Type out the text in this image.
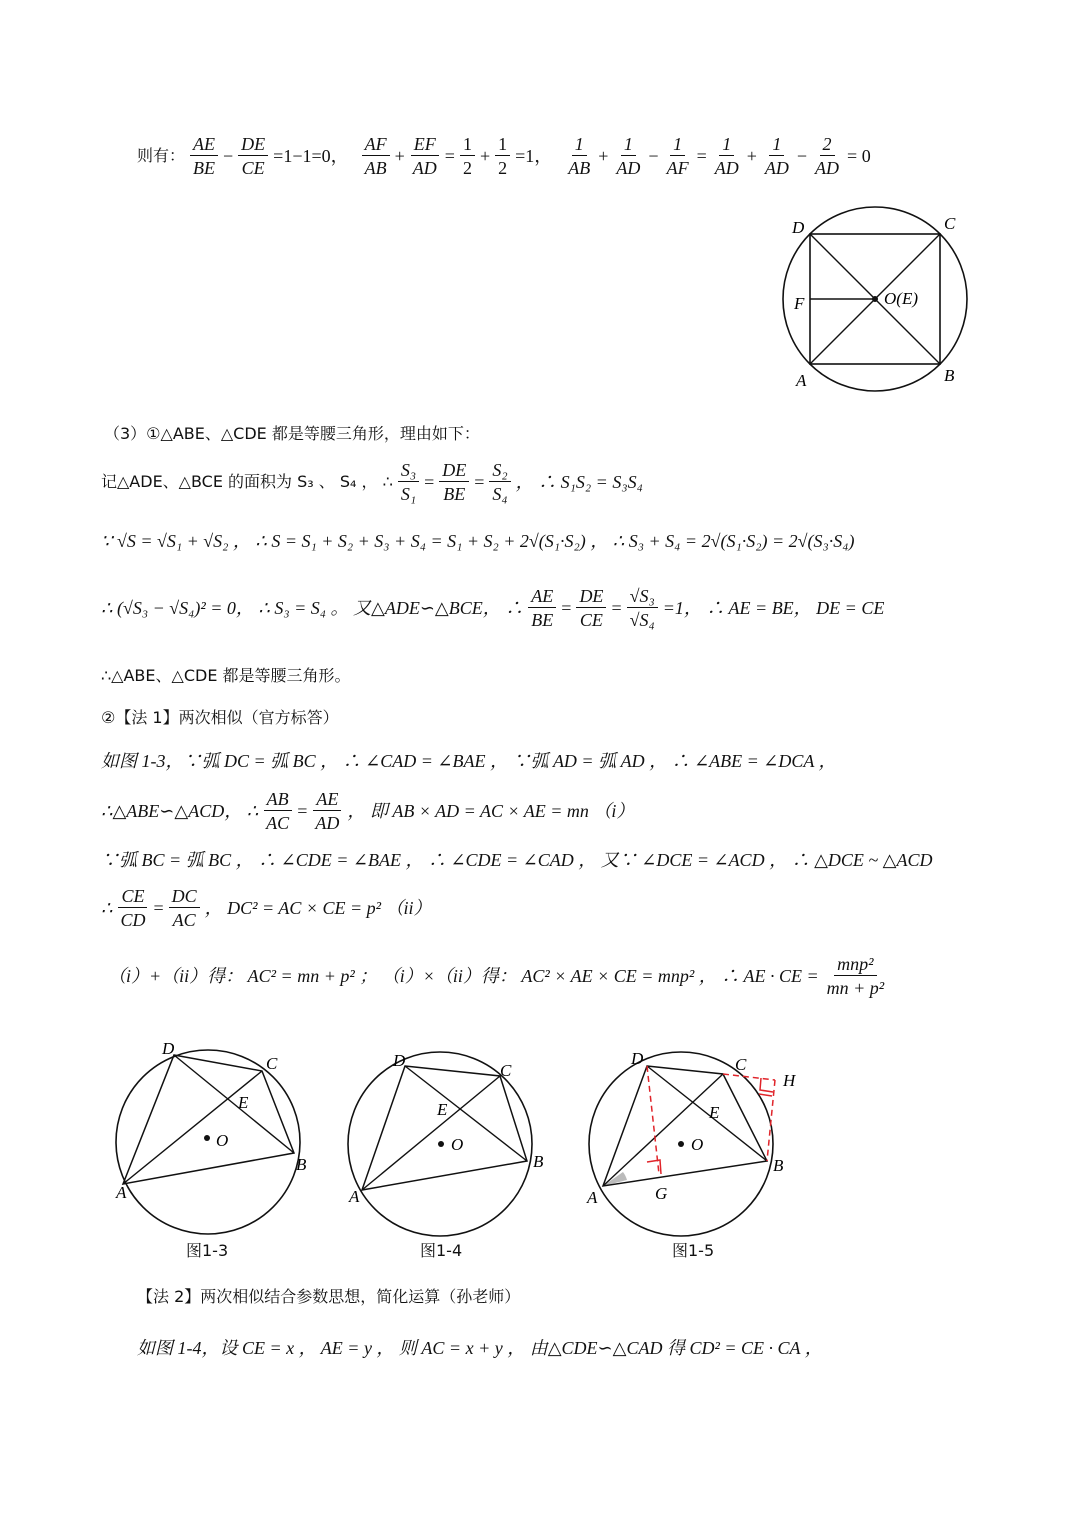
则有： $\frac{AE}{BE} - \frac{DE}{CE} =1-1=0$， $\frac{AF}{AB} + \frac{EF}{AD} = \frac{1}{2} + \frac{1}{2} =1$， $\frac{1}{AB} + \frac{1}{AD} - \frac{1}{AF} = \frac{1}{AD} + \frac{1}{AD} - \frac{2}{AD} = 0$
D	C
F	O(E)
A	B
（3）①△ABE、△CDE 都是等腰三角形，理由如下：
记△ADE、△BCE 的面积为 S₃ 、 S₄ ， ∴ $\frac{\text{S₃}}{\text{S₁}} = \frac{DE}{BE} = \frac{\text{S₂}}{\text{S₄}}$ ， ∴ S₁S₂ = S₃S₄
∵ √S = √S₁ + √S₂ ， ∴ S = S₁ + S₂ + S₃ + S₄ = S₁ + S₂ + 2√(S₁·S₂) ， ∴ S₃ + S₄ = 2√(S₁·S₂) = 2√(S₃·S₄)
∴ (√S₃ − √S₄)² = 0， ∴ S₃ = S₄ 。 又△ADE∽△BCE， ∴ $\frac{AE}{BE} = \frac{DE}{CE} = \frac{\text{√S₃}}{\text{√S₄}} =1$， ∴ AE = BE， DE = CE
∴△ABE、△CDE 都是等腰三角形。
②【法 1】两次相似（官方标答）
如图 1-3，∵弧 DC = 弧 BC ， ∴ ∠CAD = ∠BAE ， ∵弧 AD = 弧 AD ， ∴ ∠ABE = ∠DCA ，
∴△ABE∽△ACD， ∴ $\frac{AB}{AC} = \frac{AE}{AD}$ ， 即 AB × AD = AC × AE = mn （i）
∵弧 BC = 弧 BC ， ∴ ∠CDE = ∠BAE ， ∴ ∠CDE = ∠CAD ， 又∵ ∠DCE = ∠ACD ， ∴ △DCE ~ △ACD
∴ $\frac{CE}{CD} = \frac{DC}{AC}$ ， DC² = AC × CE = p² （ii）
（i）+（ii）得： AC² = mn + p² ； （i）×（ii）得： AC² × AE × CE = mnp² ， ∴ AE · CE = $\frac{\text{mnp²}}{\text{mn + p²}}$
D
C
E
O
A
B
图1-3
D
C
E
O
A
B
图1-4
D	C
H
E
O
A	G
B
图1-5
【法 2】两次相似结合参数思想，简化运算（孙老师）
如图 1-4，设 CE = x ， AE = y ， 则 AC = x + y ， 由△CDE∽△CAD 得 CD² = CE · CA ，
